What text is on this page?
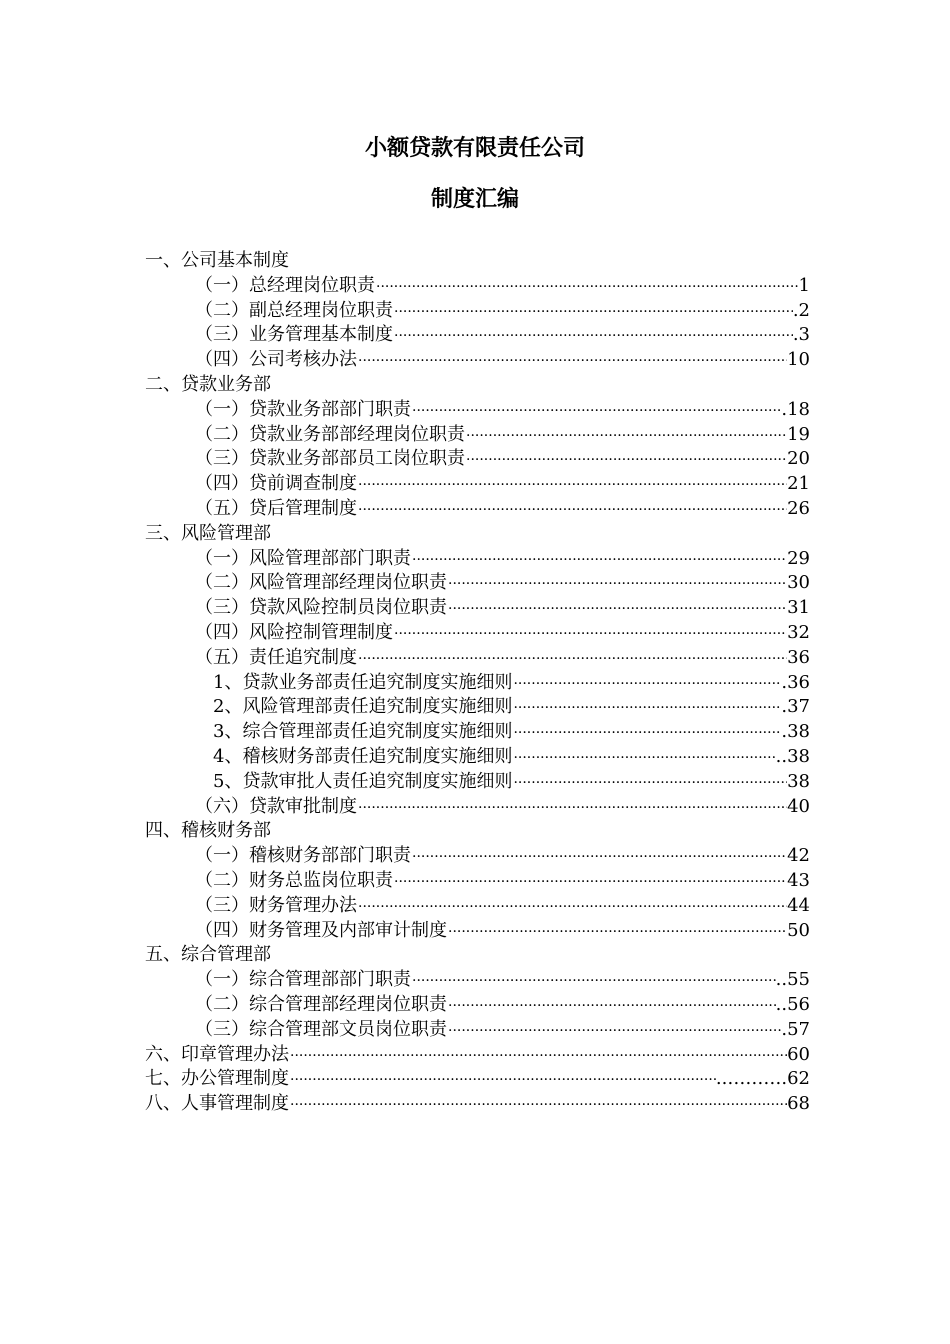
小额贷款有限责任公司
制度汇编
一、公司基本制度
（一）总经理岗位职责 ·····	1
（二）副总经理岗位职责 ·····	.2
（三）业务管理基本制度 ·····	.3
（四）公司考核办法 ·····	10
二、贷款业务部
（一）贷款业务部部门职责 ·····	.18
（二）贷款业务部部经理岗位职责 ·····	19
（三）贷款业务部部员工岗位职责 ·····	20
（四）贷前调查制度 ·····	21
（五）贷后管理制度 ·····	26
三、风险管理部
（一）风险管理部部门职责 ·····	29
（二）风险管理部经理岗位职责 ·····	30
（三）贷款风险控制员岗位职责 ·····	31
（四）风险控制管理制度 ·····	32
（五）责任追究制度 ·····	36
1、贷款业务部责任追究制度实施细则 ·····	.36
2、风险管理部责任追究制度实施细则 ·····	.37
3、综合管理部责任追究制度实施细则 ·····	.38
4、稽核财务部责任追究制度实施细则 ·····	..38
5、贷款审批人责任追究制度实施细则 ·····	38
（六）贷款审批制度 ·····	40
四、稽核财务部
（一）稽核财务部部门职责 ·····	42
（二）财务总监岗位职责 ·····	43
（三）财务管理办法 ·····	44
（四）财务管理及内部审计制度 ·····	50
五、综合管理部
（一）综合管理部部门职责 ·····	..55
（二）综合管理部经理岗位职责 ·····	..56
（三）综合管理部文员岗位职责 ·····	.57
六、印章管理办法 ·····	60
七、办公管理制度 ·····	..……….62
八、人事管理制度 ·····	68
